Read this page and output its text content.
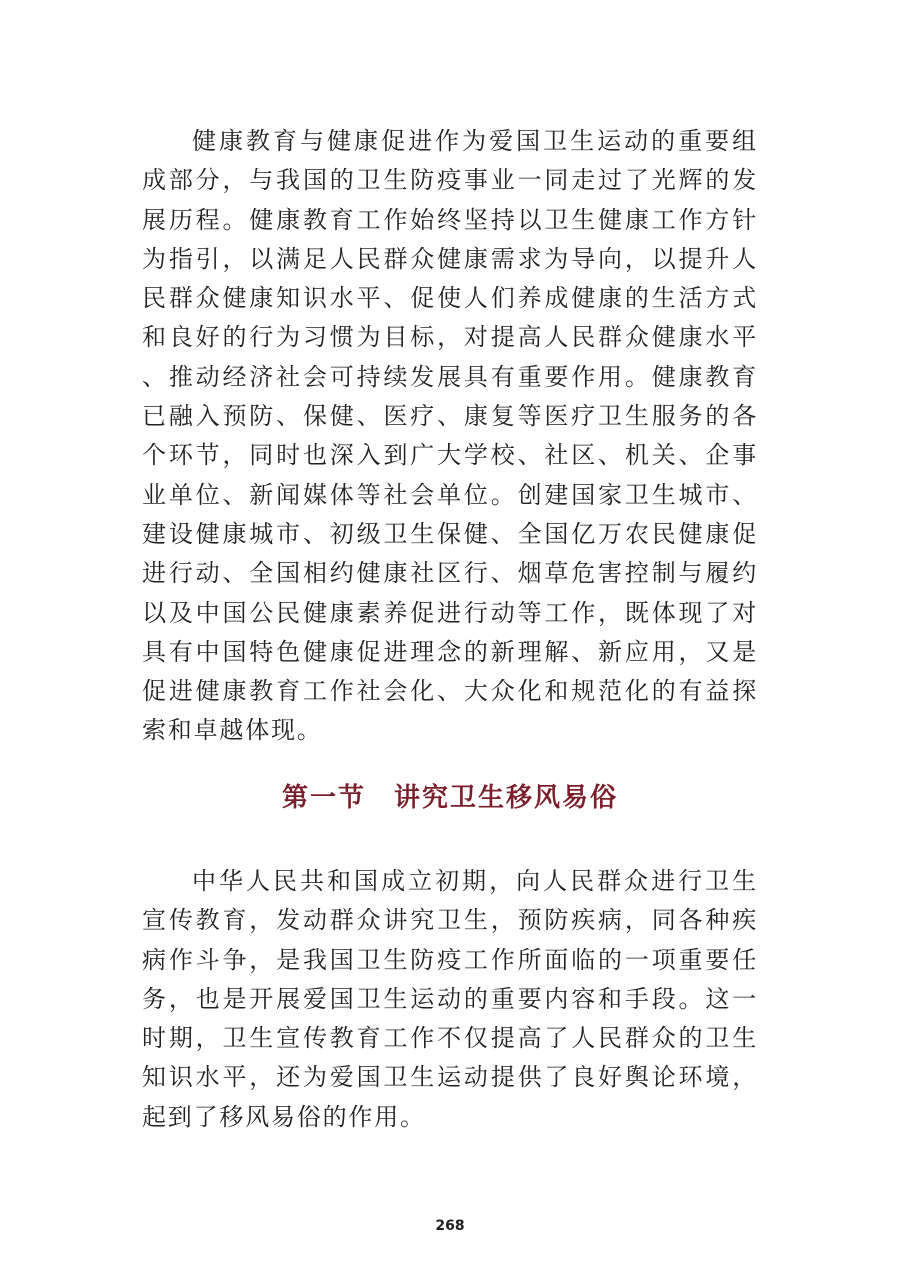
健康教育与健康促进作为爱国卫生运动的重要组成部分，与我国的卫生防疫事业一同走过了光辉的发展历程。健康教育工作始终坚持以卫生健康工作方针为指引，以满足人民群众健康需求为导向，以提升人民群众健康知识水平、促使人们养成健康的生活方式和良好的行为习惯为目标，对提高人民群众健康水平、推动经济社会可持续发展具有重要作用。健康教育已融入预防、保健、医疗、康复等医疗卫生服务的各个环节，同时也深入到广大学校、社区、机关、企事业单位、新闻媒体等社会单位。创建国家卫生城市、建设健康城市、初级卫生保健、全国亿万农民健康促进行动、全国相约健康社区行、烟草危害控制与履约以及中国公民健康素养促进行动等工作，既体现了对具有中国特色健康促进理念的新理解、新应用，又是促进健康教育工作社会化、大众化和规范化的有益探索和卓越体现。

第一节 讲究卫生移风易俗

中华人民共和国成立初期，向人民群众进行卫生宣传教育，发动群众讲究卫生，预防疾病，同各种疾病作斗争，是我国卫生防疫工作所面临的一项重要任务，也是开展爱国卫生运动的重要内容和手段。这一时期，卫生宣传教育工作不仅提高了人民群众的卫生知识水平，还为爱国卫生运动提供了良好舆论环境，起到了移风易俗的作用。

268
